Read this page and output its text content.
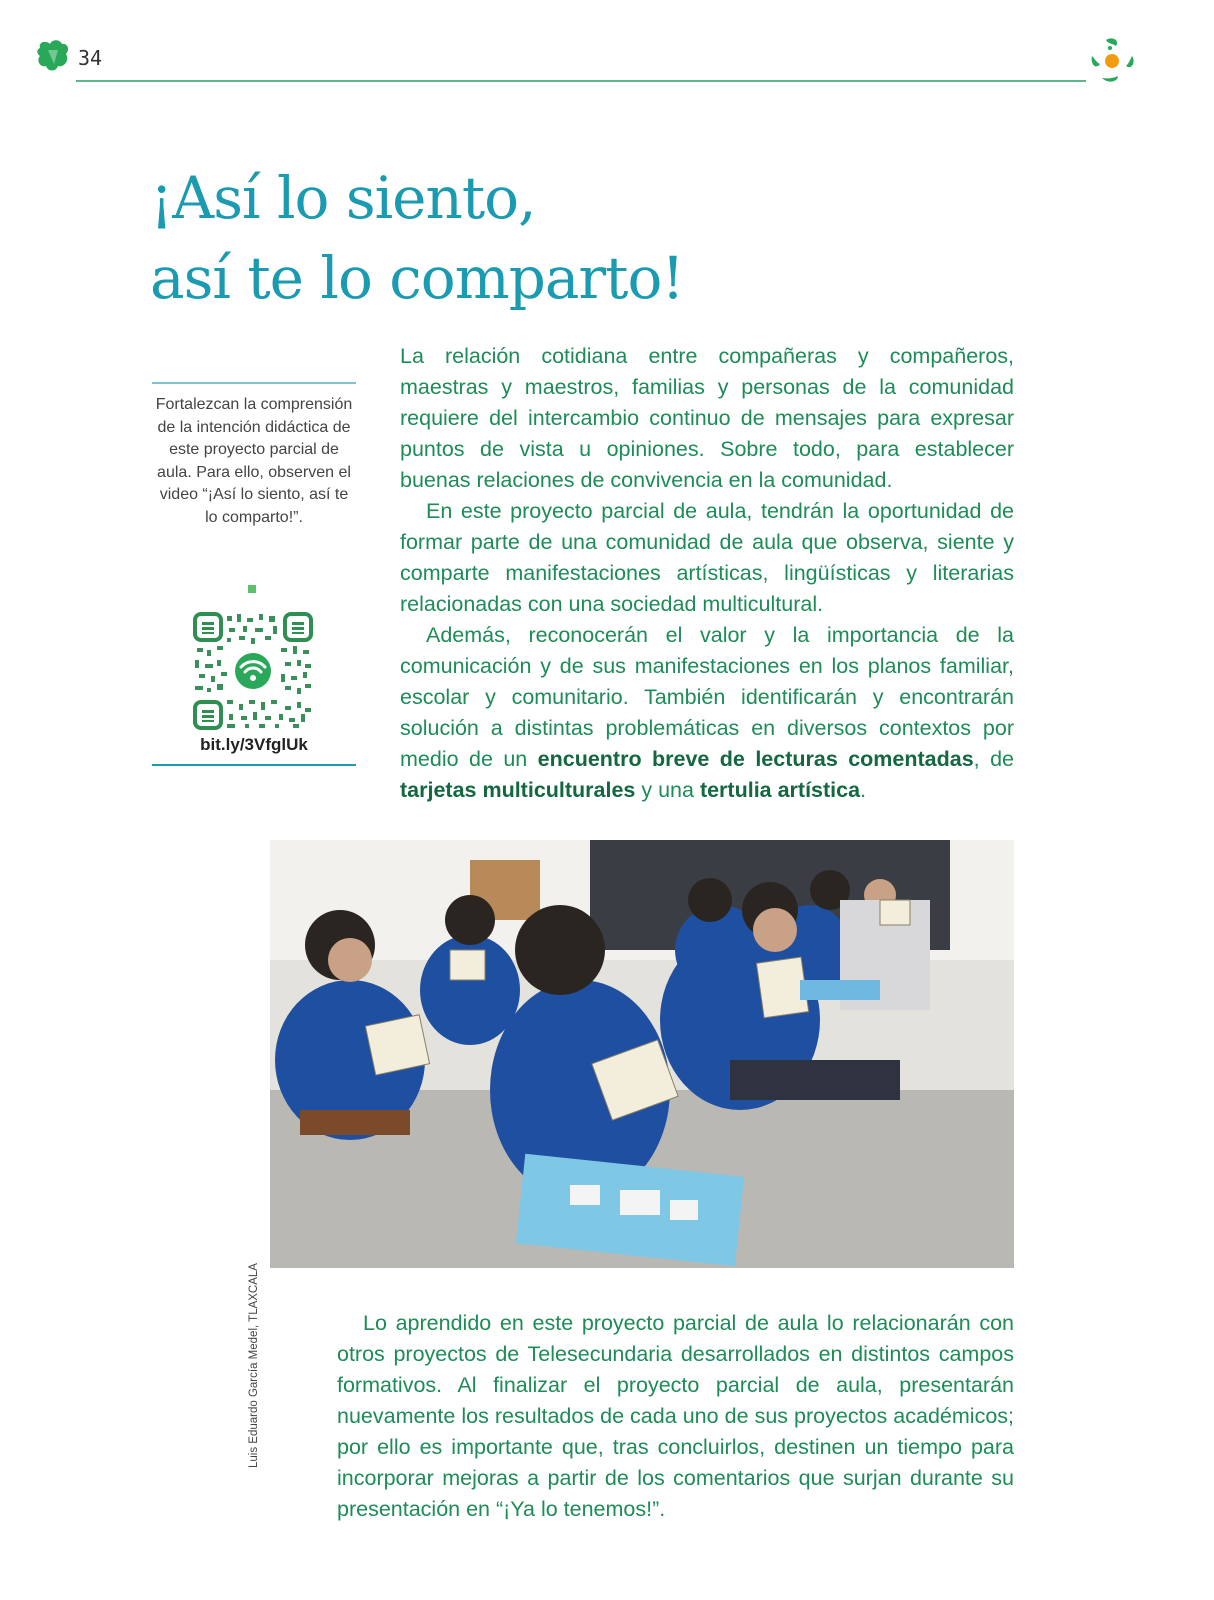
34
¡Así lo siento,
así te lo comparto!
Fortalezcan la comprensión de la intención didáctica de este proyecto parcial de aula. Para ello, observen el video “¡Así lo siento, así te lo comparto!”.
bit.ly/3VfglUk

La relación cotidiana entre compañeras y compañeros, maestras y maestros, familias y personas de la comunidad requiere del intercambio continuo de mensajes para expresar puntos de vista u opiniones. Sobre todo, para establecer buenas relaciones de convivencia en la comunidad.

En este proyecto parcial de aula, tendrán la oportunidad de formar parte de una comunidad de aula que observa, siente y comparte manifestaciones artísticas, lingüísticas y literarias relacionadas con una sociedad multicultural.

Además, reconocerán el valor y la importancia de la comunicación y de sus manifestaciones en los planos familiar, escolar y comunitario. También identificarán y encontrarán solución a distintas problemáticas en diversos contextos por medio de un encuentro breve de lecturas comentadas, de tarjetas multiculturales y una tertulia artística.

Luis Eduardo García Medel, TLAXCALA	Lo aprendido en este proyecto parcial de aula lo relacionarán con otros proyectos de Telesecundaria desarrollados en distintos campos formativos. Al finalizar el proyecto parcial de aula, presentarán nuevamente los resultados de cada uno de sus proyectos académicos; por ello es importante que, tras concluirlos, destinen un tiempo para incorporar mejoras a partir de los comentarios que surjan durante su presentación en “¡Ya lo tenemos!”.
